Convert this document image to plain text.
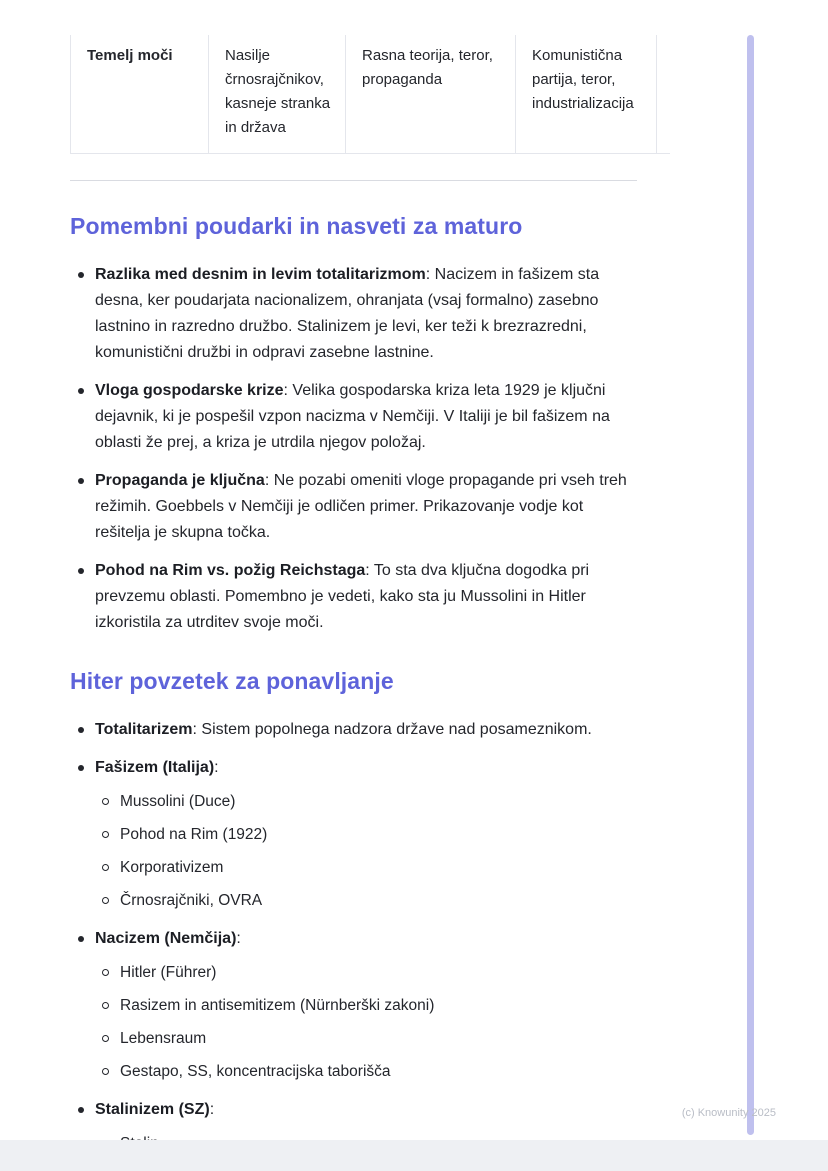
Temelj moči	Nasilje črnosrajčnikov, kasneje stranka in država
Rasna teorija, teror, propaganda
Komunistična partija, teror, industrializacija
Pomembni poudarki in nasveti za maturo
Razlika med desnim in levim totalitarizmom: Nacizem in fašizem sta desna, ker poudarjata nacionalizem, ohranjata (vsaj formalno) zasebno lastnino in razredno družbo. Stalinizem je levi, ker teži k brezrazredni, komunistični družbi in odpravi zasebne lastnine.
Vloga gospodarske krize: Velika gospodarska kriza leta 1929 je ključni dejavnik, ki je pospešil vzpon nacizma v Nemčiji. V Italiji je bil fašizem na oblasti že prej, a kriza je utrdila njegov položaj.
Propaganda je ključna: Ne pozabi omeniti vloge propagande pri vseh treh režimih. Goebbels v Nemčiji je odličen primer. Prikazovanje vodje kot rešitelja je skupna točka.
Pohod na Rim vs. požig Reichstaga: To sta dva ključna dogodka pri prevzemu oblasti. Pomembno je vedeti, kako sta ju Mussolini in Hitler izkoristila za utrditev svoje moči.
Hiter povzetek za ponavljanje
Totalitarizem: Sistem popolnega nadzora države nad posameznikom.
Fašizem (Italija):
Mussolini (Duce)
Pohod na Rim (1922)
Korporativizem
Črnosrajčniki, OVRA
Nacizem (Nemčija):
Hitler (Führer)
Rasizem in antisemitizem (Nürnberški zakoni)
Lebensraum
Gestapo, SS, koncentracijska taborišča
Stalinizem (SZ):	(c) Knowunity 2025
